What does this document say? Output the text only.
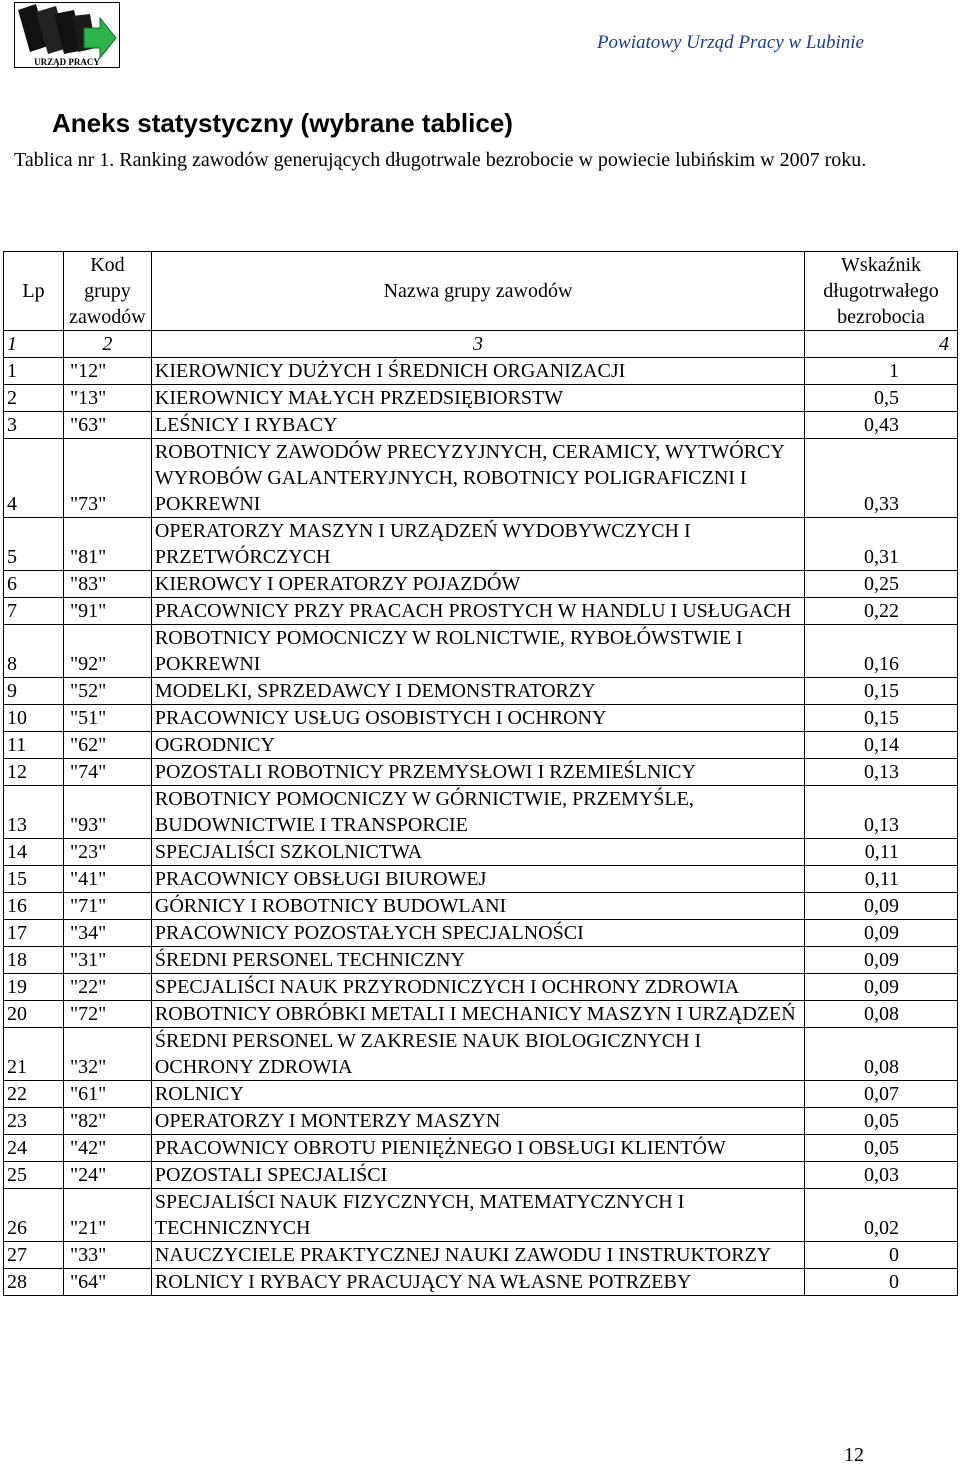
URZĄD PRACY
Powiatowy Urząd Pracy w Lubinie
Aneks statystyczny (wybrane tablice)
Tablica nr 1. Ranking zawodów generujących długotrwale bezrobocie w powiecie lubińskim w 2007 roku.
Lp	Kod grupy zawodów	Nazwa grupy zawodów	Wskaźnik długotrwałego bezrobocia
1	2	3	4
1	"12"	KIEROWNICY DUŻYCH I ŚREDNICH ORGANIZACJI	1
2	"13"	KIEROWNICY MAŁYCH PRZEDSIĘBIORSTW	0,5
3	"63"	LEŚNICY I RYBACY	0,43
4	"73"	ROBOTNICY ZAWODÓW PRECYZYJNYCH, CERAMICY, WYTWÓRCY WYROBÓW GALANTERYJNYCH, ROBOTNICY POLIGRAFICZNI I POKREWNI	0,33
5	"81"	OPERATORZY MASZYN I URZĄDZEŃ WYDOBYWCZYCH I PRZETWÓRCZYCH	0,31
6	"83"	KIEROWCY I OPERATORZY POJAZDÓW	0,25
7	"91"	PRACOWNICY PRZY PRACACH PROSTYCH W HANDLU I USŁUGACH	0,22
8	"92"	ROBOTNICY POMOCNICZY W ROLNICTWIE, RYBOŁÓWSTWIE I POKREWNI	0,16
9	"52"	MODELKI, SPRZEDAWCY I DEMONSTRATORZY	0,15
10	"51"	PRACOWNICY USŁUG OSOBISTYCH I OCHRONY	0,15
11	"62"	OGRODNICY	0,14
12	"74"	POZOSTALI ROBOTNICY PRZEMYSŁOWI I RZEMIEŚLNICY	0,13
13	"93"	ROBOTNICY POMOCNICZY W GÓRNICTWIE, PRZEMYŚLE, BUDOWNICTWIE I TRANSPORCIE	0,13
14	"23"	SPECJALIŚCI SZKOLNICTWA	0,11
15	"41"	PRACOWNICY OBSŁUGI BIUROWEJ	0,11
16	"71"	GÓRNICY I ROBOTNICY BUDOWLANI	0,09
17	"34"	PRACOWNICY POZOSTAŁYCH SPECJALNOŚCI	0,09
18	"31"	ŚREDNI PERSONEL TECHNICZNY	0,09
19	"22"	SPECJALIŚCI NAUK PRZYRODNICZYCH I OCHRONY ZDROWIA	0,09
20	"72"	ROBOTNICY OBRÓBKI METALI I MECHANICY MASZYN I URZĄDZEŃ	0,08
21	"32"	ŚREDNI PERSONEL W ZAKRESIE NAUK BIOLOGICZNYCH I OCHRONY ZDROWIA	0,08
22	"61"	ROLNICY	0,07
23	"82"	OPERATORZY I MONTERZY MASZYN	0,05
24	"42"	PRACOWNICY OBROTU PIENIĘŻNEGO I OBSŁUGI KLIENTÓW	0,05
25	"24"	POZOSTALI SPECJALIŚCI	0,03
26	"21"	SPECJALIŚCI NAUK FIZYCZNYCH, MATEMATYCZNYCH I TECHNICZNYCH	0,02
27	"33"	NAUCZYCIELE PRAKTYCZNEJ NAUKI ZAWODU I INSTRUKTORZY	0
28	"64"	ROLNICY I RYBACY PRACUJĄCY NA WŁASNE POTRZEBY	0
12
